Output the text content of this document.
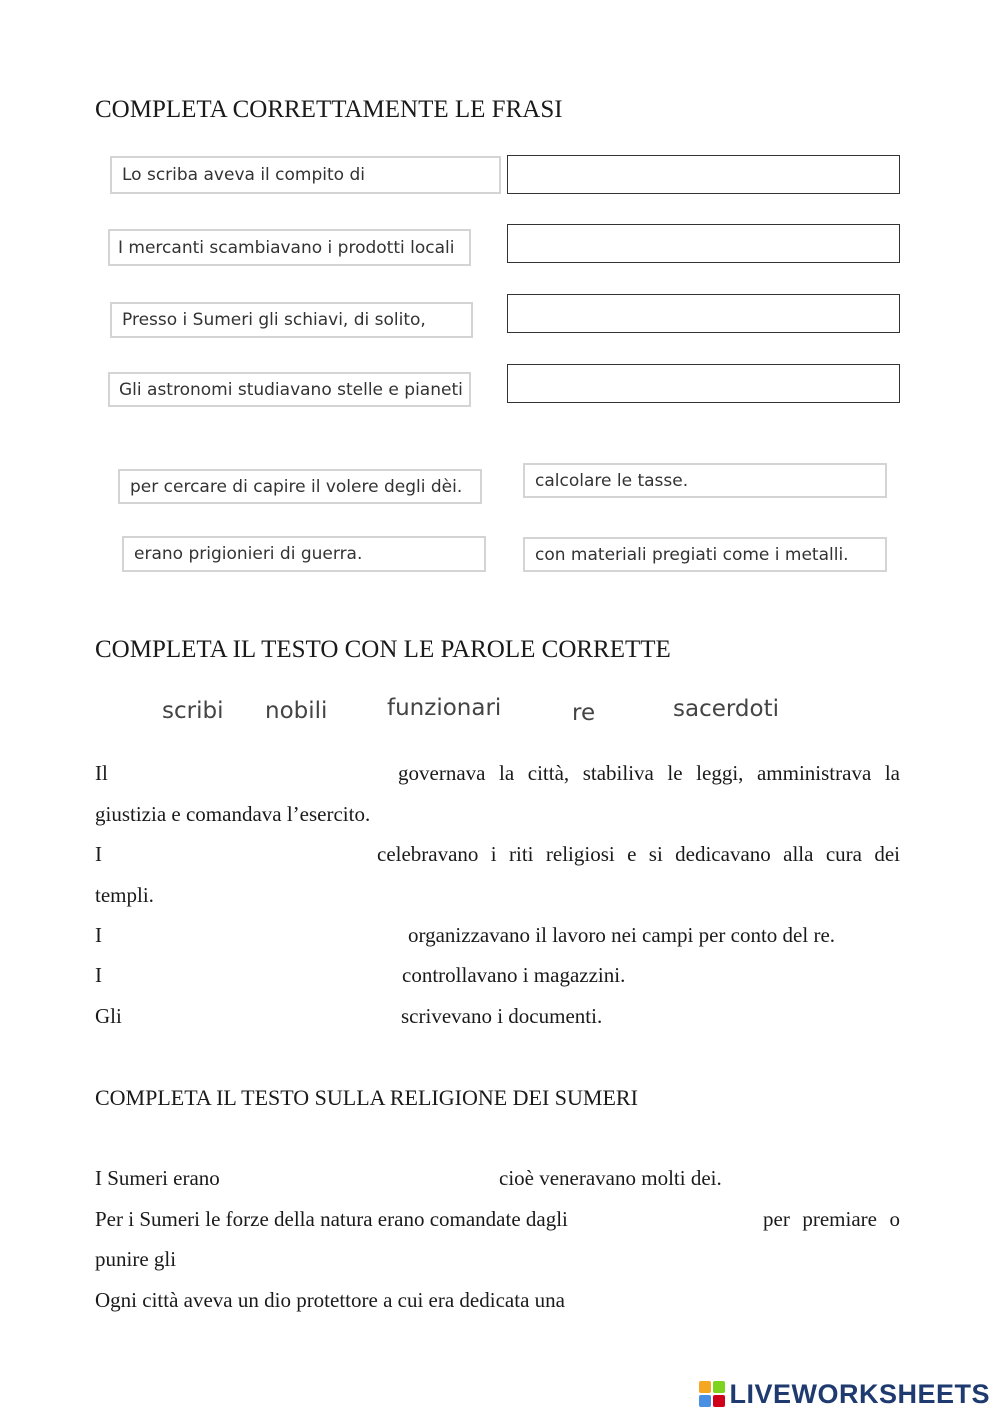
COMPLETA CORRETTAMENTE LE FRASI
Lo scriba aveva il compito di
I mercanti scambiavano i prodotti locali
Presso i Sumeri gli schiavi, di solito,
Gli astronomi studiavano stelle e pianeti
per cercare di capire il volere degli dèi.	calcolare le tasse.
erano prigionieri di guerra.	con materiali pregiati come i metalli.
COMPLETA IL TESTO CON LE PAROLE CORRETTE
scribi nobili	funzionari	re	sacerdoti
Il	governava la città, stabiliva le leggi, amministrava la
giustizia e comandava l’esercito.
I	celebravano i riti religiosi e si dedicavano alla cura dei
templi.
I	organizzavano il lavoro nei campi per conto del re.
I	controllavano i magazzini.
Gli	scrivevano i documenti.
COMPLETA IL TESTO SULLA RELIGIONE DEI SUMERI
I Sumeri erano	cioè veneravano molti dei.
Per i Sumeri le forze della natura erano comandate dagli	per premiare o
punire gli
Ogni città aveva un dio protettore a cui era dedicata una
LIVEWORKSHEETS
